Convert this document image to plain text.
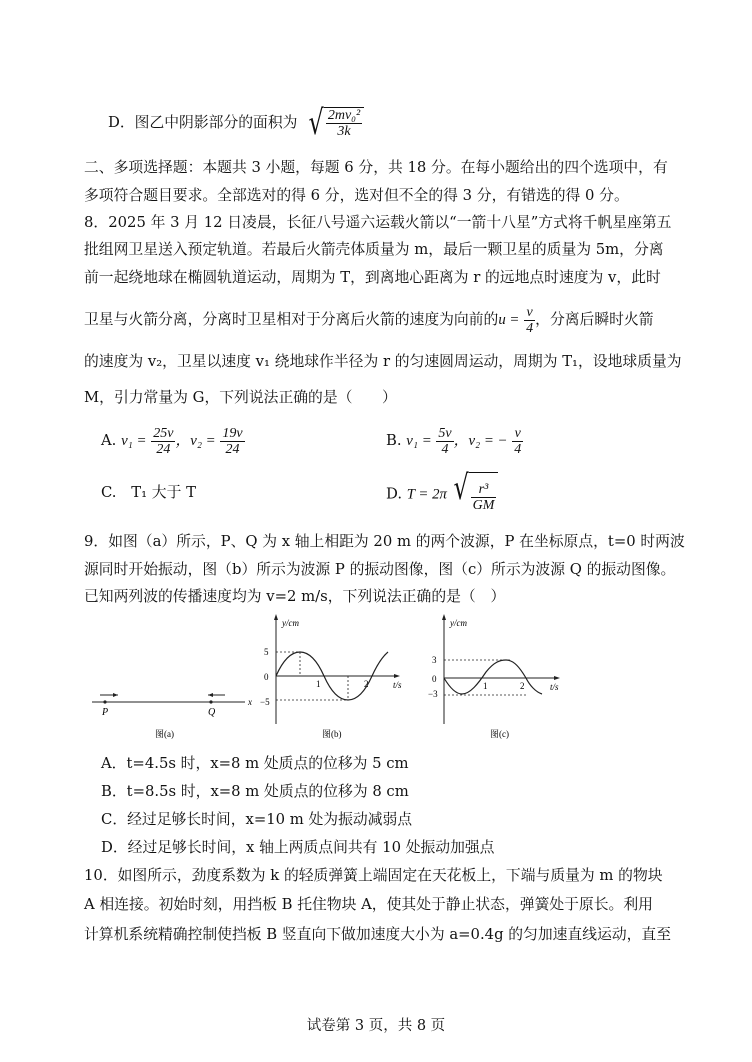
D．图乙中阴影部分的面积为 √ $\frac{\text{2mv₀²}}{3k}$
二、多项选择题：本题共 3 小题，每题 6 分，共 18 分。在每小题给出的四个选项中，有
多项符合题目要求。全部选对的得 6 分，选对但不全的得 3 分，有错选的得 0 分。
8．2025 年 3 月 12 日凌晨，长征八号遥六运载火箭以“一箭十八星”方式将千帆星座第五
批组网卫星送入预定轨道。若最后火箭壳体质量为 m，最后一颗卫星的质量为 5m，分离
前一起绕地球在椭圆轨道运动，周期为 T，到离地心距离为 r 的远地点时速度为 v，此时
卫星与火箭分离，分离时卫星相对于分离后火箭的速度为向前的$u = \frac{v}{4}$ ，分离后瞬时火箭
的速度为 v₂，卫星以速度 v₁ 绕地球作半径为 r 的匀速圆周运动，周期为 T₁，设地球质量为
M，引力常量为 G，下列说法正确的是（　　）
A. $v_1 = \frac{25v}{24}$ ，$v_2 = \frac{19v}{24}$	B. $v_1 = \frac{5v}{4}$ ，v₂ = − $\frac{v}{4}$
C.　T₁ 大于 T	D. T = 2π √ $\frac{\text{r³}}{GM}$
9．如图（a）所示，P、Q 为 x 轴上相距为 20 m 的两个波源，P 在坐标原点，t=0 时两波
源同时开始振动，图（b）所示为波源 P 的振动图像，图（c）所示为波源 Q 的振动图像。
已知两列波的传播速度均为 v=2 m/s，下列说法正确的是（　）
P	Q
x
图(a)
y/cm
t/s
5
0
−5
1	2
图(b)
y/cm
t/s
3
0
−3
1	2
图(c)
A．t=4.5s 时，x=8 m 处质点的位移为 5 cm
B．t=8.5s 时，x=8 m 处质点的位移为 8 cm
C．经过足够长时间，x=10 m 处为振动减弱点
D．经过足够长时间，x 轴上两质点间共有 10 处振动加强点
10．如图所示，劲度系数为 k 的轻质弹簧上端固定在天花板上，下端与质量为 m 的物块
A 相连接。初始时刻，用挡板 B 托住物块 A，使其处于静止状态，弹簧处于原长。利用
计算机系统精确控制使挡板 B 竖直向下做加速度大小为 a=0.4g 的匀加速直线运动，直至
试卷第 3 页，共 8 页
